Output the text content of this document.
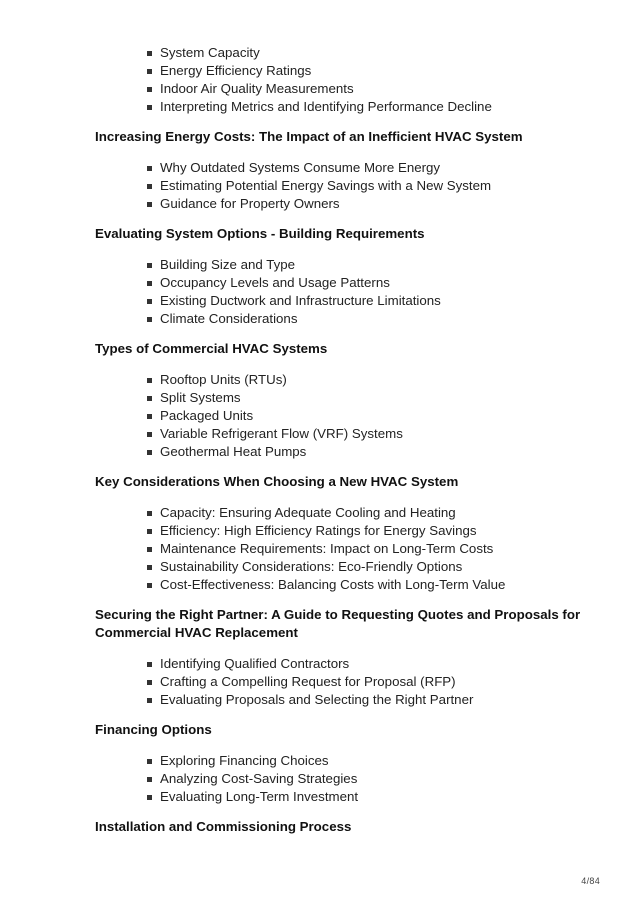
System Capacity
Energy Efficiency Ratings
Indoor Air Quality Measurements
Interpreting Metrics and Identifying Performance Decline

Increasing Energy Costs: The Impact of an Inefficient HVAC System

Why Outdated Systems Consume More Energy
Estimating Potential Energy Savings with a New System
Guidance for Property Owners

Evaluating System Options - Building Requirements

Building Size and Type
Occupancy Levels and Usage Patterns
Existing Ductwork and Infrastructure Limitations
Climate Considerations

Types of Commercial HVAC Systems

Rooftop Units (RTUs)
Split Systems
Packaged Units
Variable Refrigerant Flow (VRF) Systems
Geothermal Heat Pumps

Key Considerations When Choosing a New HVAC System

Capacity: Ensuring Adequate Cooling and Heating
Efficiency: High Efficiency Ratings for Energy Savings
Maintenance Requirements: Impact on Long-Term Costs
Sustainability Considerations: Eco-Friendly Options
Cost-Effectiveness: Balancing Costs with Long-Term Value

Securing the Right Partner: A Guide to Requesting Quotes and Proposals for Commercial HVAC Replacement

Identifying Qualified Contractors
Crafting a Compelling Request for Proposal (RFP)
Evaluating Proposals and Selecting the Right Partner

Financing Options

Exploring Financing Choices
Analyzing Cost-Saving Strategies
Evaluating Long-Term Investment

Installation and Commissioning Process

4/84
